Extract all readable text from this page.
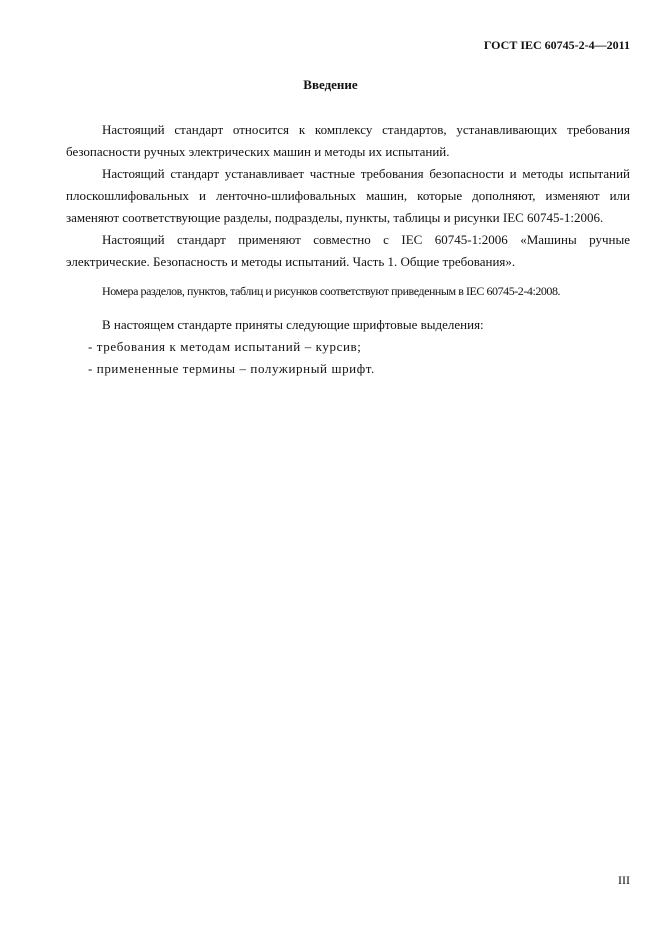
ГОСТ IEC 60745-2-4—2011
Введение

Настоящий стандарт относится к комплексу стандартов, устанавливающих требования безопасности ручных электрических машин и методы их испытаний.

Настоящий стандарт устанавливает частные требования безопасности и методы испытаний плоскошлифовальных и ленточно-шлифовальных машин, которые дополняют, изменяют или заменяют соответствующие разделы, подразделы, пункты, таблицы и рисунки IEC 60745-1:2006.

Настоящий стандарт применяют совместно с IEC 60745-1:2006 «Машины ручные электрические. Безопасность и методы испытаний. Часть 1. Общие требования».

Номера разделов, пунктов, таблиц и рисунков соответствуют приведенным в IEC 60745-2-4:2008.

В настоящем стандарте приняты следующие шрифтовые выделения:

- требования к методам испытаний – курсив;

- примененные термины – полужирный шрифт.

III
